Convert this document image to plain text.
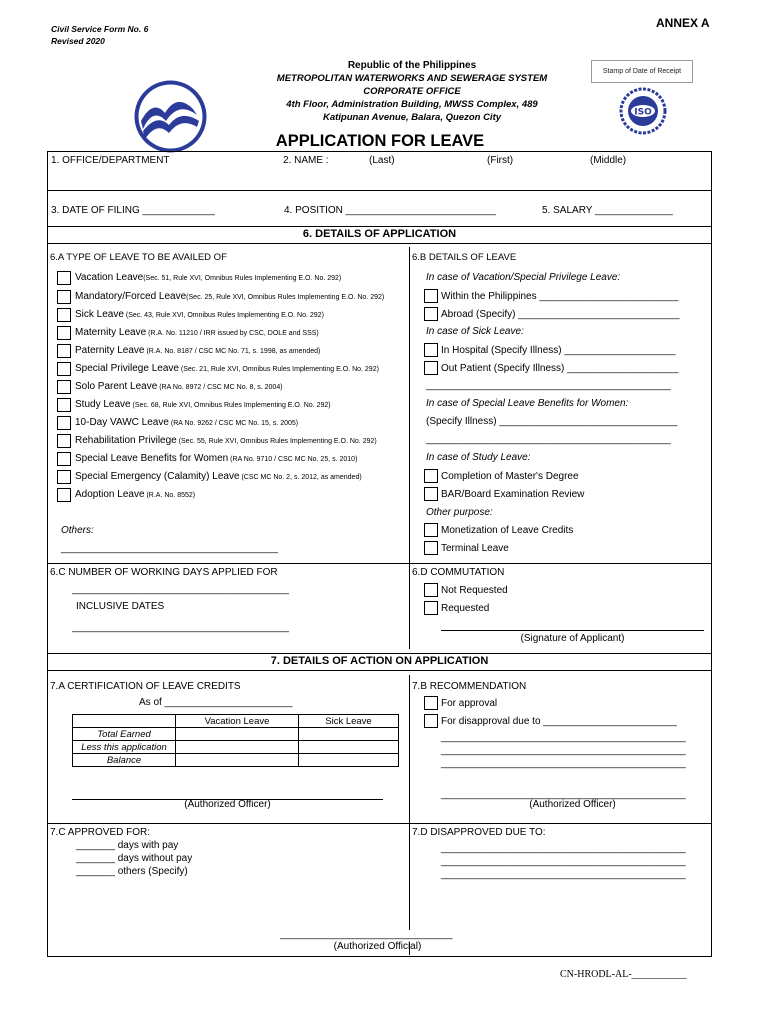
Civil Service Form No. 6
Revised 2020
ANNEX A
Republic of the Philippines
METROPOLITAN WATERWORKS AND SEWERAGE SYSTEM
CORPORATE OFFICE
4th Floor, Administration Building, MWSS Complex, 489
Katipunan Avenue, Balara, Quezon City
Stamp of Date of Receipt
ISO
APPLICATION FOR LEAVE
1. OFFICE/DEPARTMENT	2. NAME :	(Last)	(First)	(Middle)
3. DATE OF FILING _____________	4. POSITION ___________________________	5. SALARY ______________
6. DETAILS OF APPLICATION
6.A TYPE OF LEAVE TO BE AVAILED OF	6.B DETAILS OF LEAVE
Vacation Leave(Sec. 51, Rule XVI, Omnibus Rules Implementing E.O. No. 292)
Mandatory/Forced Leave(Sec. 25, Rule XVI, Omnibus Rules Implementing E.O. No. 292)
Sick Leave (Sec. 43, Rule XVI, Omnibus Rules Implementing E.O. No. 292)
Maternity Leave (R.A. No. 11210 / IRR issued by CSC, DOLE and SSS)
Paternity Leave (R.A. No. 8187 / CSC MC No. 71, s. 1998, as amended)
Special Privilege Leave (Sec. 21, Rule XVI, Omnibus Rules Implementing E.O. No. 292)
Solo Parent Leave (RA No. 8972 / CSC MC No. 8, s. 2004)
Study Leave (Sec. 68, Rule XVI, Omnibus Rules Implementing E.O. No. 292)
10-Day VAWC Leave (RA No. 9262 / CSC MC No. 15, s. 2005)
Rehabilitation Privilege (Sec. 55, Rule XVI, Omnibus Rules Implementing E.O. No. 292)
Special Leave Benefits for Women (RA No. 9710 / CSC MC No. 25, s. 2010)
Special Emergency (Calamity) Leave (CSC MC No. 2, s. 2012, as amended)
Adoption Leave (R.A. No. 8552)
Others:
_______________________________________
In case of Vacation/Special Privilege Leave:
Within the Philippines _________________________
Abroad (Specify) _____________________________
In case of Sick Leave:
In Hospital (Specify Illness) ____________________
Out Patient (Specify Illness) ____________________
____________________________________________
In case of Special Leave Benefits for Women:
(Specify Illness) ________________________________
____________________________________________
In case of Study Leave:
Completion of Master's Degree
BAR/Board Examination Review
Other purpose:
Monetization of Leave Credits
Terminal Leave
6.C NUMBER OF WORKING DAYS APPLIED FOR
_______________________________________
INCLUSIVE DATES
_______________________________________
6.D COMMUTATION
Not Requested
Requested
(Signature of Applicant)
7. DETAILS OF ACTION ON APPLICATION
7.A CERTIFICATION OF LEAVE CREDITS
As of _______________________
	Vacation Leave	Sick Leave
Total Earned		
Less this application		
Balance		
(Authorized Officer)
7.B RECOMMENDATION
For approval
For disapproval due to ________________________
____________________________________________
____________________________________________
____________________________________________
____________________________________________
(Authorized Officer)
7.C APPROVED FOR:
_______ days with pay
_______ days without pay
_______ others (Specify)
7.D DISAPPROVED DUE TO:
____________________________________________
____________________________________________
____________________________________________
_______________________________
(Authorized Official)
CN-HRODL-AL-___________
